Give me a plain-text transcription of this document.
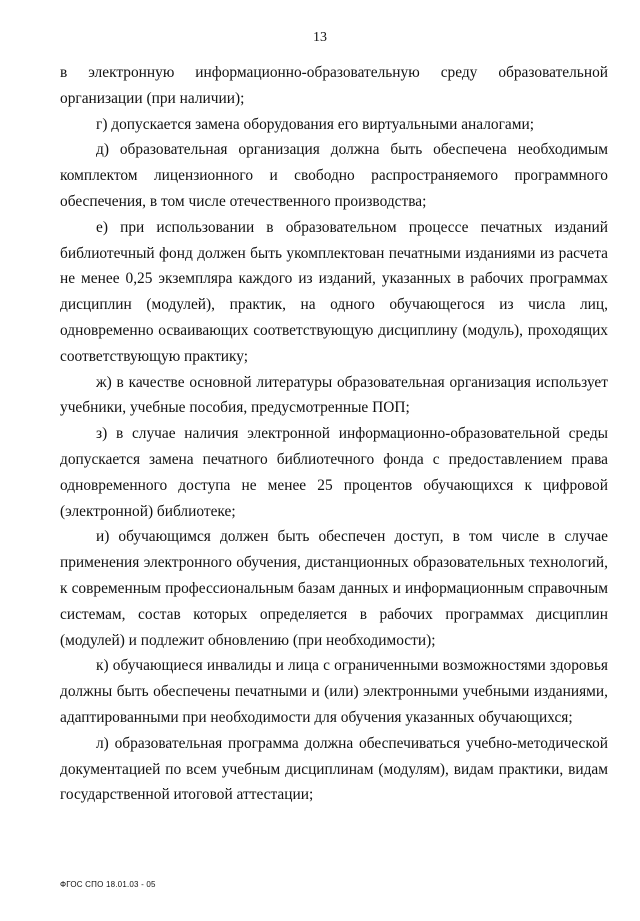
13

в электронную информационно-образовательную среду образовательной организации (при наличии);

г) допускается замена оборудования его виртуальными аналогами;

д) образовательная организация должна быть обеспечена необходимым комплектом лицензионного и свободно распространяемого программного обеспечения, в том числе отечественного производства;

е) при использовании в образовательном процессе печатных изданий библиотечный фонд должен быть укомплектован печатными изданиями из расчета не менее 0,25 экземпляра каждого из изданий, указанных в рабочих программах дисциплин (модулей), практик, на одного обучающегося из числа лиц, одновременно осваивающих соответствующую дисциплину (модуль), проходящих соответствующую практику;

ж) в качестве основной литературы образовательная организация использует учебники, учебные пособия, предусмотренные ПОП;

з) в случае наличия электронной информационно-образовательной среды допускается замена печатного библиотечного фонда с предоставлением права одновременного доступа не менее 25 процентов обучающихся к цифровой (электронной) библиотеке;

и) обучающимся должен быть обеспечен доступ, в том числе в случае применения электронного обучения, дистанционных образовательных технологий, к современным профессиональным базам данных и информационным справочным системам, состав которых определяется в рабочих программах дисциплин (модулей) и подлежит обновлению (при необходимости);

к) обучающиеся инвалиды и лица с ограниченными возможностями здоровья должны быть обеспечены печатными и (или) электронными учебными изданиями, адаптированными при необходимости для обучения указанных обучающихся;

л) образовательная программа должна обеспечиваться учебно-методической документацией по всем учебным дисциплинам (модулям), видам практики, видам государственной итоговой аттестации;

ФГОС СПО 18.01.03 - 05
